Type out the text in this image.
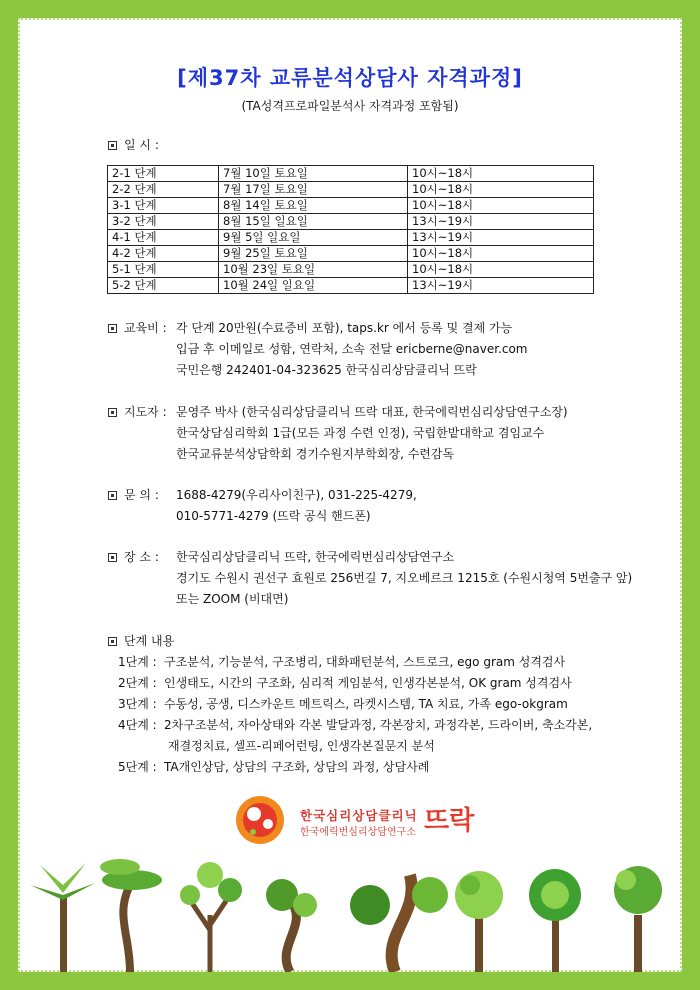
[제37차 교류분석상담사 자격과정]
(TA성격프로파일분석사 자격과정 포함됨)
일 시 :
2-1 단계	7월 10일 토요일	10시~18시
2-2 단계	7월 17일 토요일	10시~18시
3-1 단계	8월 14일 토요일	10시~18시
3-2 단계	8월 15일 일요일	13시~19시
4-1 단계	9월 5일 일요일	13시~19시
4-2 단계	9월 25일 토요일	10시~18시
5-1 단계	10월 23일 토요일	10시~18시
5-2 단계	10월 24일 일요일	13시~19시
교육비 : 각 단계 20만원(수료증비 포함), taps.kr 에서 등록 및 결제 가능
입금 후 이메일로 성함, 연락처, 소속 전달 ericberne@naver.com
국민은행 242401-04-323625 한국심리상담클리닉 뜨락
지도자 : 문영주 박사 (한국심리상담클리닉 뜨락 대표, 한국에릭번심리상담연구소장)
한국상담심리학회 1급(모든 과정 수련 인정), 국립한밭대학교 겸임교수
한국교류분석상담학회 경기수원지부학회장, 수련감독
문 의 : 1688-4279(우리사이친구), 031-225-4279,
010-5771-4279 (뜨락 공식 핸드폰)
장 소 : 한국심리상담클리닉 뜨락, 한국에릭번심리상담연구소
경기도 수원시 권선구 효원로 256번길 7, 지오베르크 1215호 (수원시청역 5번출구 앞)
또는 ZOOM (비대면)
단계 내용
1단계 : 구조분석, 기능분석, 구조병리, 대화패턴분석, 스트로크, ego gram 성격검사
2단계 : 인생태도, 시간의 구조화, 심리적 게임분석, 인생각본분석, OK gram 성격검사
3단계 : 수동성, 공생, 디스카운트 메트릭스, 라켓시스템, TA 치료, 가족 ego-okgram
4단계 : 2차구조분석, 자아상태와 각본 발달과정, 각본장치, 과정각본, 드라이버, 축소각본,
재결정치료, 셀프-리페어런팅, 인생각본질문지 분석
5단계 : TA개인상담, 상담의 구조화, 상담의 과정, 상담사례
한국심리상담클리닉
한국에릭번심리상담연구소 뜨락
